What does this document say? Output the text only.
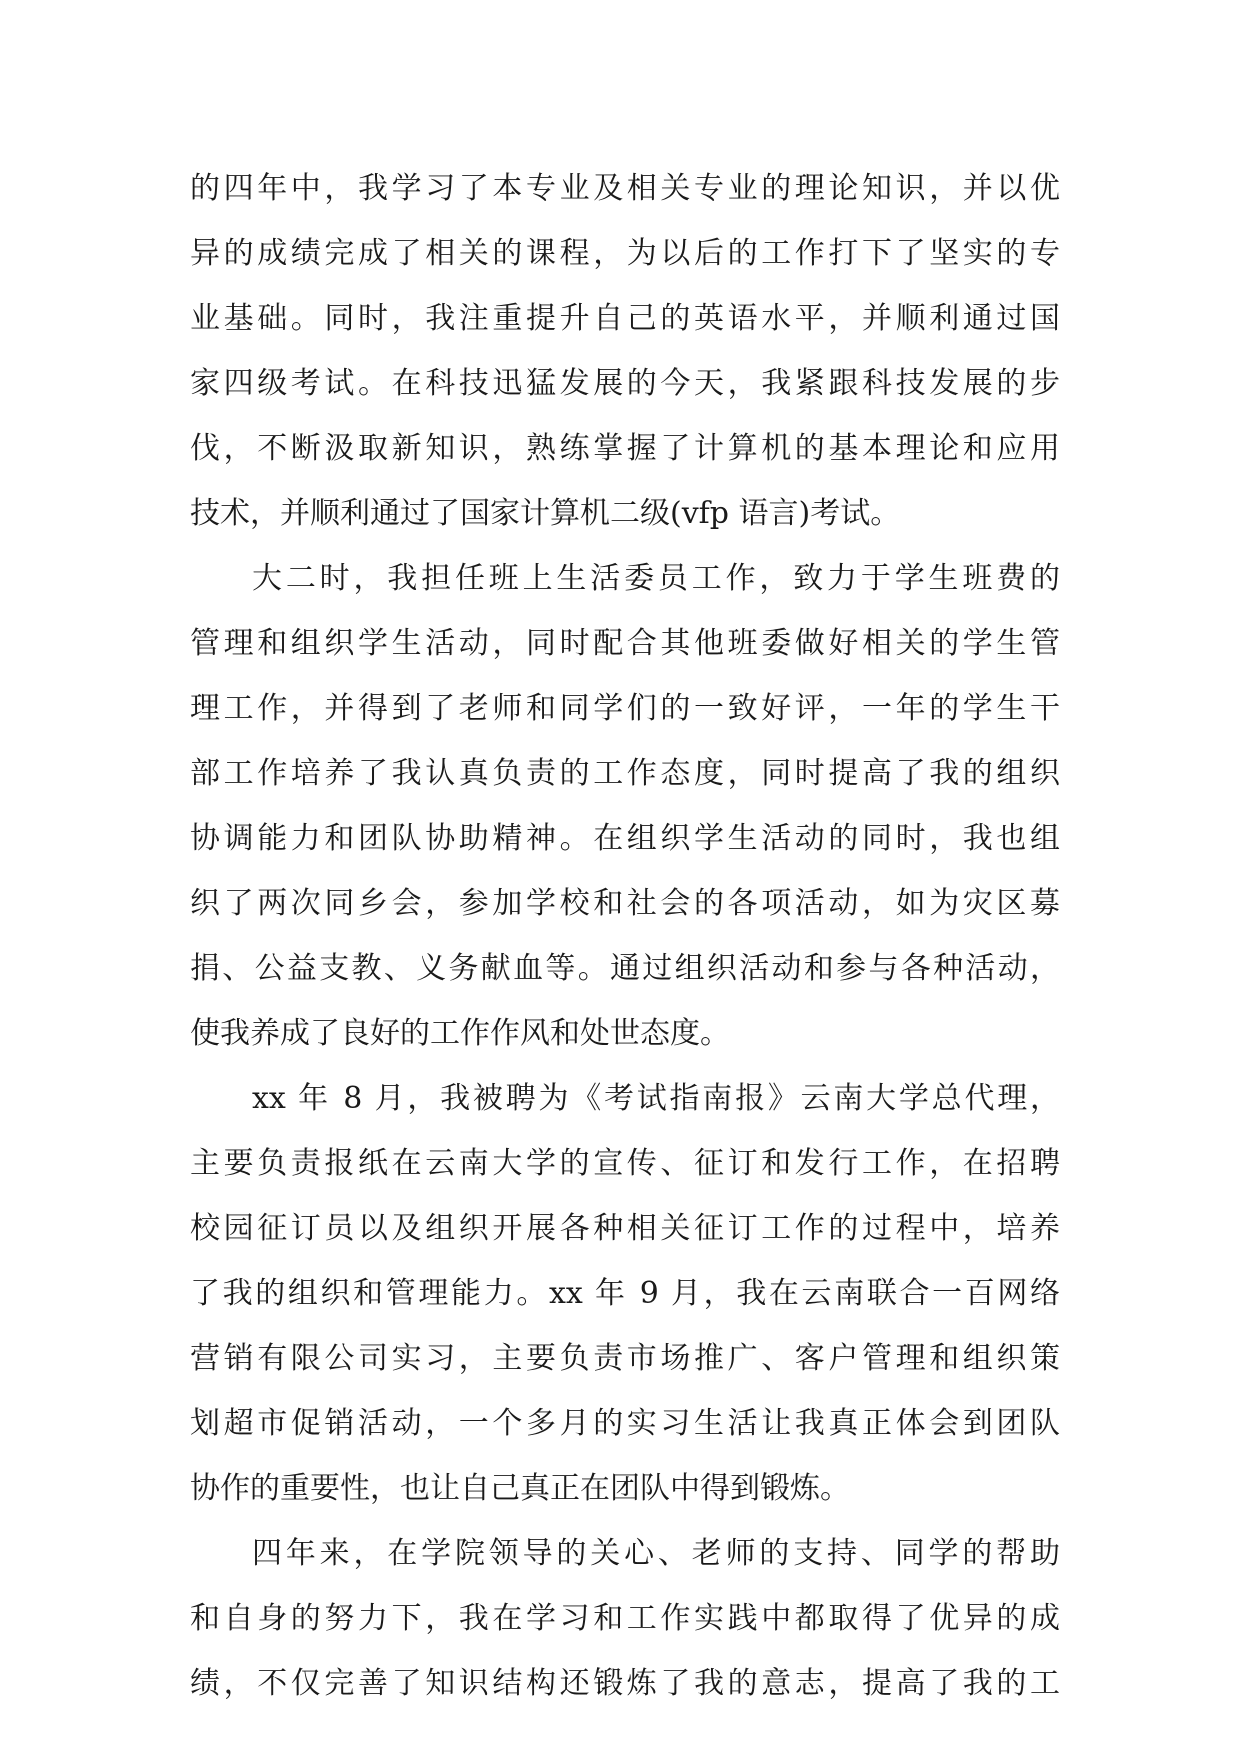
的四年中，我学习了本专业及相关专业的理论知识，并以优
异的成绩完成了相关的课程，为以后的工作打下了坚实的专
业基础。同时，我注重提升自己的英语水平，并顺利通过国
家四级考试。在科技迅猛发展的今天，我紧跟科技发展的步
伐，不断汲取新知识，熟练掌握了计算机的基本理论和应用
技术，并顺利通过了国家计算机二级(vfp 语言)考试。
大二时，我担任班上生活委员工作，致力于学生班费的
管理和组织学生活动，同时配合其他班委做好相关的学生管
理工作，并得到了老师和同学们的一致好评，一年的学生干
部工作培养了我认真负责的工作态度，同时提高了我的组织
协调能力和团队协助精神。在组织学生活动的同时，我也组
织了两次同乡会，参加学校和社会的各项活动，如为灾区募
捐、公益支教、义务献血等。通过组织活动和参与各种活动，
使我养成了良好的工作作风和处世态度。
xx 年 8 月，我被聘为《考试指南报》云南大学总代理，
主要负责报纸在云南大学的宣传、征订和发行工作，在招聘
校园征订员以及组织开展各种相关征订工作的过程中，培养
了我的组织和管理能力。xx 年 9 月，我在云南联合一百网络
营销有限公司实习，主要负责市场推广、客户管理和组织策
划超市促销活动，一个多月的实习生活让我真正体会到团队
协作的重要性，也让自己真正在团队中得到锻炼。
四年来，在学院领导的关心、老师的支持、同学的帮助
和自身的努力下，我在学习和工作实践中都取得了优异的成
绩，不仅完善了知识结构还锻炼了我的意志，提高了我的工
